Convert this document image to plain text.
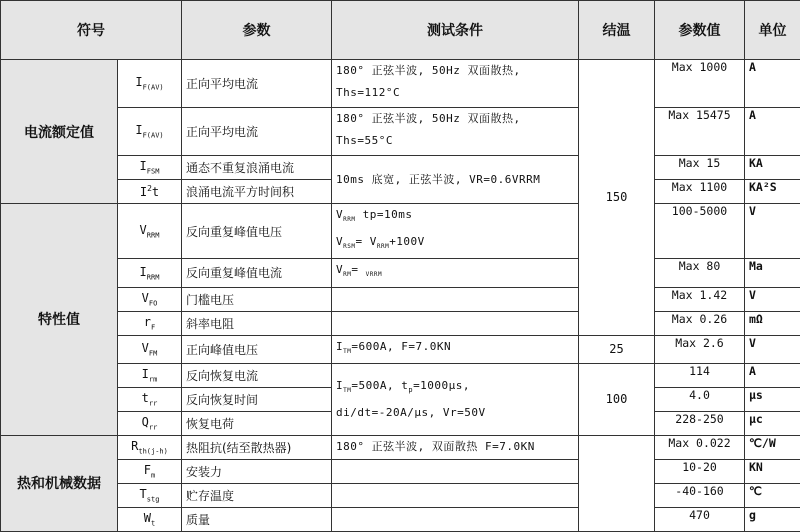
符号		参数	测试条件	结温	参数值	单位
电流额定值	$I_{F(AV)}$	正向平均电流	180° 正弦半波, 50Hz 双面散热,
Ths=112°C	150	Max 1000	A
	$I_{F(AV)}$	正向平均电流	180° 正弦半波, 50Hz 双面散热,
Ths=55°C		Max 15475	A
	$I_{FSM}$	通态不重复浪涌电流	10ms 底宽, 正弦半波, VR=0.6VRRM		Max 15	KA
	$I^2t$	浪涌电流平方时间积			Max 1100	KA²S
特性值	$V_{RRM}$	反向重复峰值电压	$V_{RRM}$ tp=10ms
$V_{RSM}= V_{RRM}+100V$		100-5000	V
	$I_{RRM}$	反向重复峰值电流	$V_{RM}= _{VRRM}$		Max 80	Ma
	$V_{FO}$	门槛电压			Max 1.42	V
	$r_F$	斜率电阻			Max 0.26	mΩ
	$V_{FM}$	正向峰值电压	$I_{TM}=600A$, F=7.0KN	25	Max 2.6	V
	$I_{rm}$	反向恢复电流	$I_{TM}=500A$, $t_p=1000\mu s$,
di/dt=-20A/μs, Vr=50V	100	114	A
	$t_{rr}$	反向恢复时间			4.0	μs
	$Q_{rr}$	恢复电荷			228-250	μc
热和机械数据	$R_{th(j-h)}$	热阻抗(结至散热器)	180° 正弦半波, 双面散热 F=7.0KN		Max 0.022	℃/W
	$F_m$	安装力			10-20	KN
	$T_{stg}$	贮存温度			-40-160	℃
	$W_t$	质量			470	g
